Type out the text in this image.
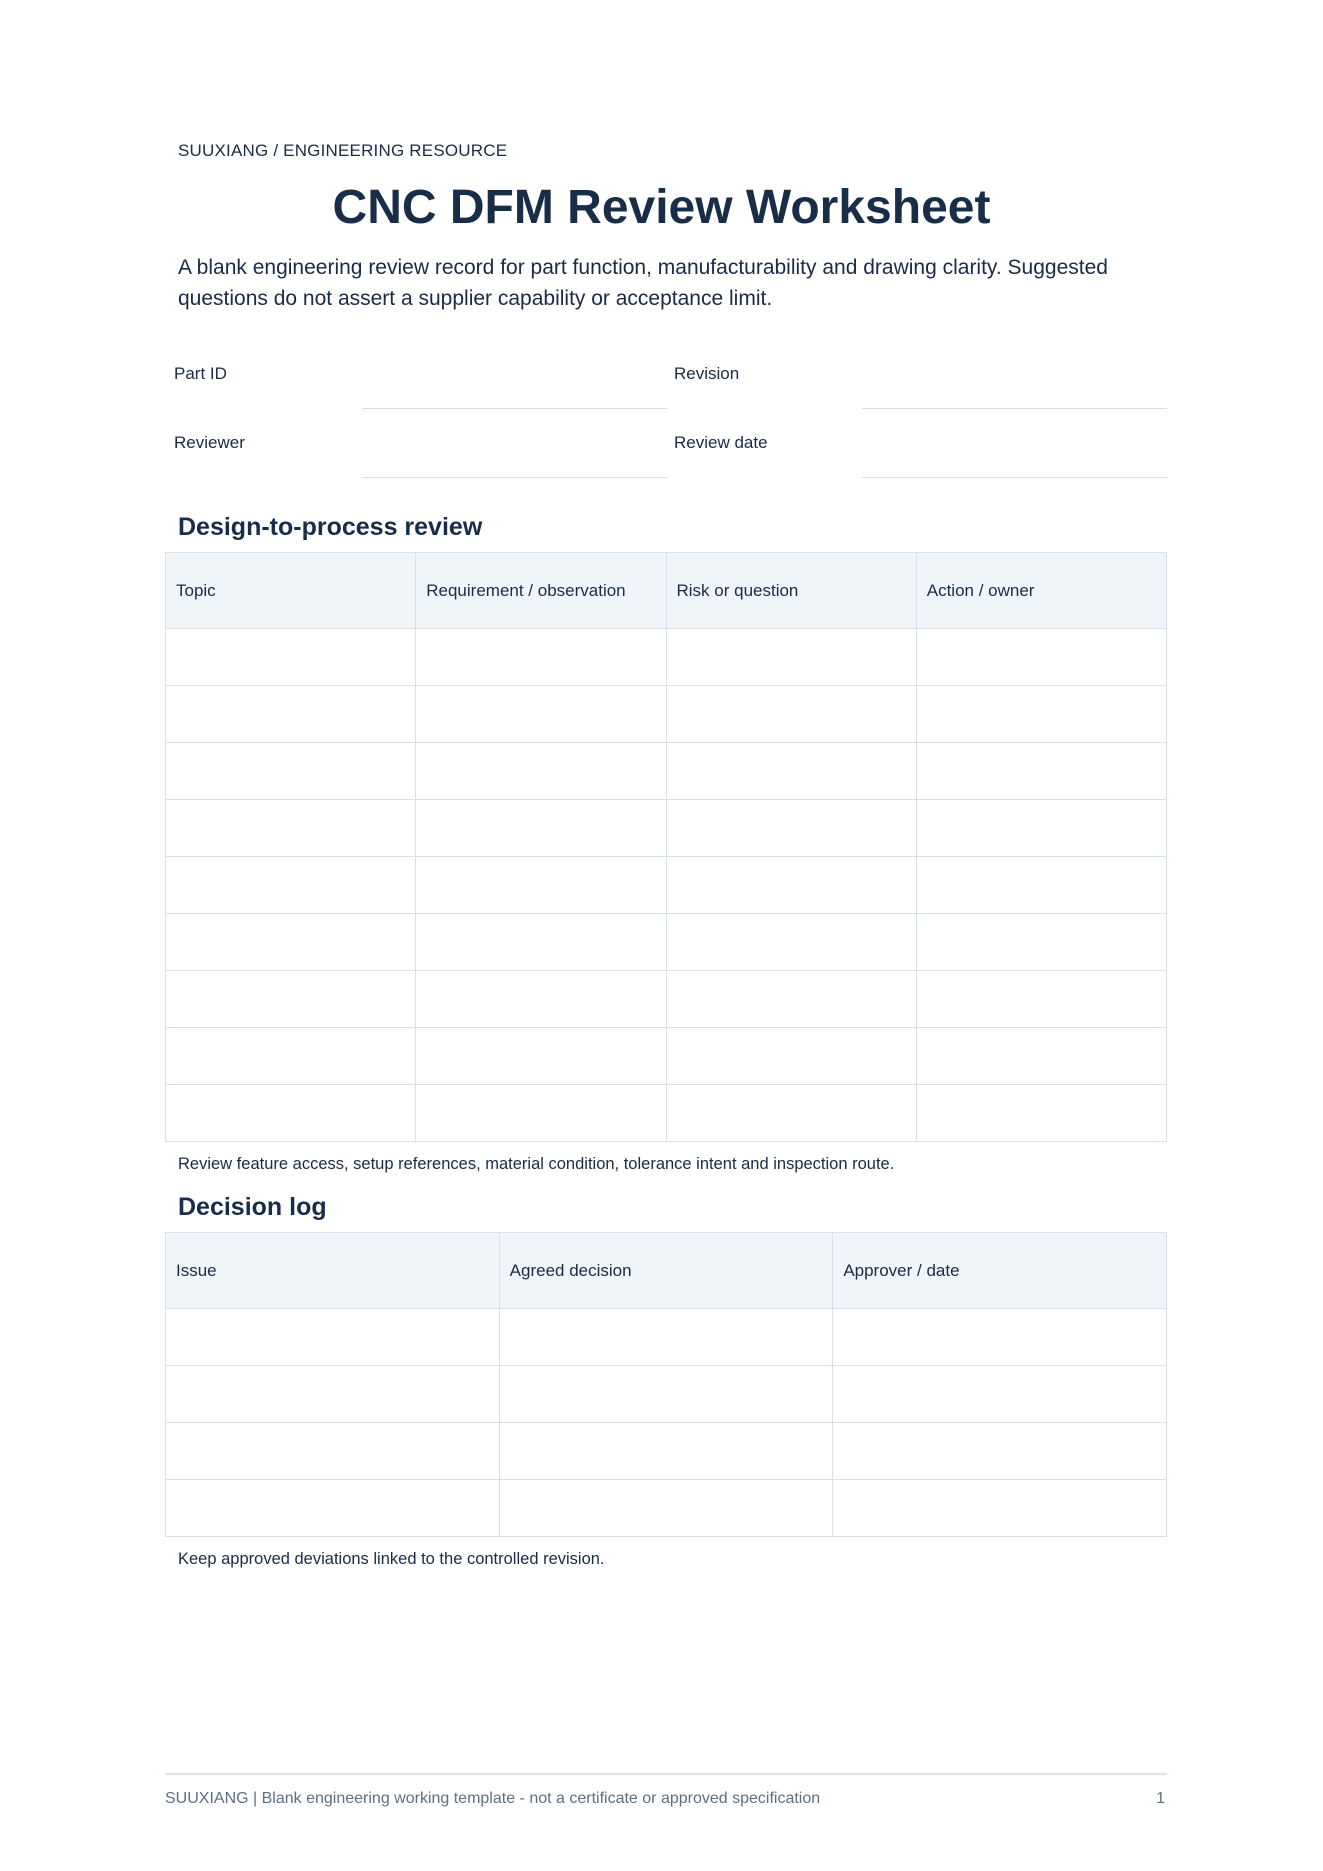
SUUXIANG / ENGINEERING RESOURCE
CNC DFM Review Worksheet

A blank engineering review record for part function, manufacturability and drawing clarity. Suggested questions do not assert a supplier capability or acceptance limit.

Part ID	Revision
Reviewer	Review date
Design-to-process review
Topic	Requirement / observation	Risk or question	Action / owner

Review feature access, setup references, material condition, tolerance intent and inspection route.

Decision log
Issue	Agreed decision	Approver / date

Keep approved deviations linked to the controlled revision.

SUUXIANG | Blank engineering working template - not a certificate or approved specification	1
